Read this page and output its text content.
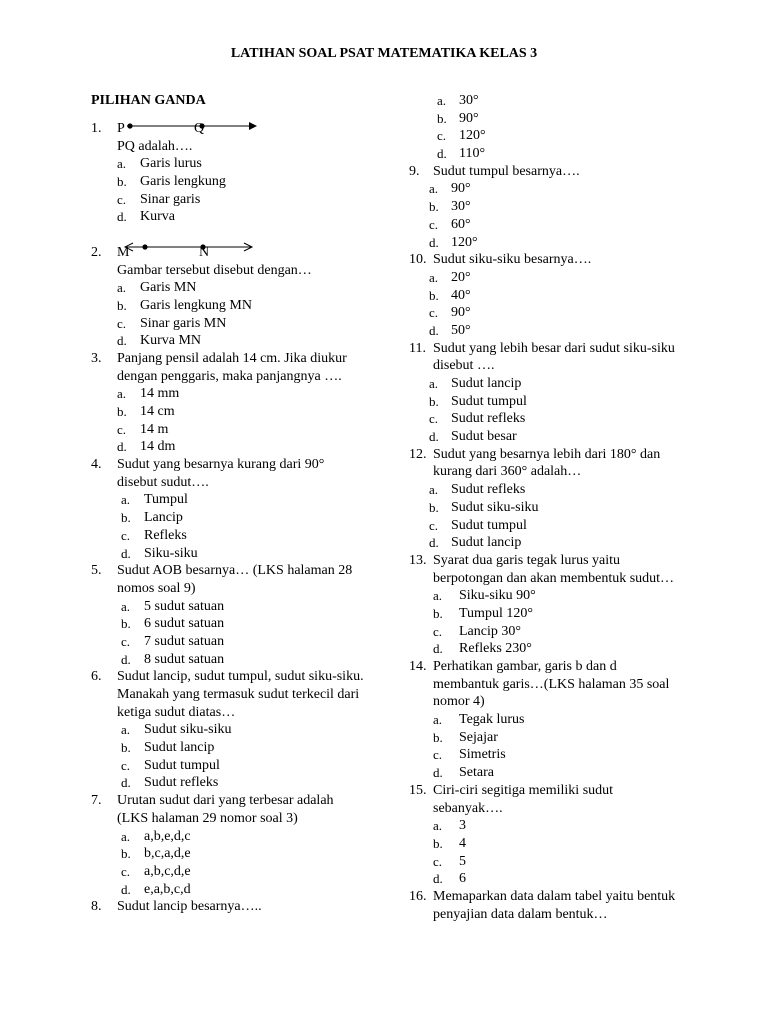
LATIHAN SOAL PSAT MATEMATIKA KELAS 3
PILIHAN GANDA
1. P	Q
PQ adalah….
a. Garis lurus
b. Garis lengkung
c. Sinar garis
d. Kurva
2. M	N
Gambar tersebut disebut dengan…
a. Garis MN
b. Garis lengkung MN
c. Sinar garis MN
d. Kurva MN
3. Panjang pensil adalah 14 cm. Jika diukur
dengan penggaris, maka panjangnya ….
a. 14 mm
b. 14 cm
c. 14 m
d. 14 dm
4. Sudut yang besarnya kurang dari 90°
disebut sudut….
a. Tumpul
b. Lancip
c. Refleks
d. Siku-siku
5. Sudut AOB besarnya… (LKS halaman 28
nomos soal 9)
a. 5 sudut satuan
b. 6 sudut satuan
c. 7 sudut satuan
d. 8 sudut satuan
6. Sudut lancip, sudut tumpul, sudut siku-siku.
Manakah yang termasuk sudut terkecil dari
ketiga sudut diatas…
a. Sudut siku-siku
b. Sudut lancip
c. Sudut tumpul
d. Sudut refleks
7. Urutan sudut dari yang terbesar adalah
(LKS halaman 29 nomor soal 3)
a. a,b,e,d,c
b. b,c,a,d,e
c. a,b,c,d,e
d. e,a,b,c,d
8. Sudut lancip besarnya…..
a. 30°
b. 90°
c. 120°
d. 110°
9. Sudut tumpul besarnya….
a. 90°
b. 30°
c. 60°
d. 120°
10. Sudut siku-siku besarnya….
a. 20°
b. 40°
c. 90°
d. 50°
11. Sudut yang lebih besar dari sudut siku-siku
disebut ….
a. Sudut lancip
b. Sudut tumpul
c. Sudut refleks
d. Sudut besar
12. Sudut yang besarnya lebih dari 180° dan
kurang dari 360° adalah…
a. Sudut refleks
b. Sudut siku-siku
c. Sudut tumpul
d. Sudut lancip
13. Syarat dua garis tegak lurus yaitu
berpotongan dan akan membentuk sudut…
a. Siku-siku 90°
b. Tumpul 120°
c. Lancip 30°
d. Refleks 230°
14. Perhatikan gambar, garis b dan d
membantuk garis…(LKS halaman 35 soal
nomor 4)
a. Tegak lurus
b. Sejajar
c. Simetris
d. Setara
15. Ciri-ciri segitiga memiliki sudut
sebanyak….
a. 3
b. 4
c. 5
d. 6
16. Memaparkan data dalam tabel yaitu bentuk
penyajian data dalam bentuk…
